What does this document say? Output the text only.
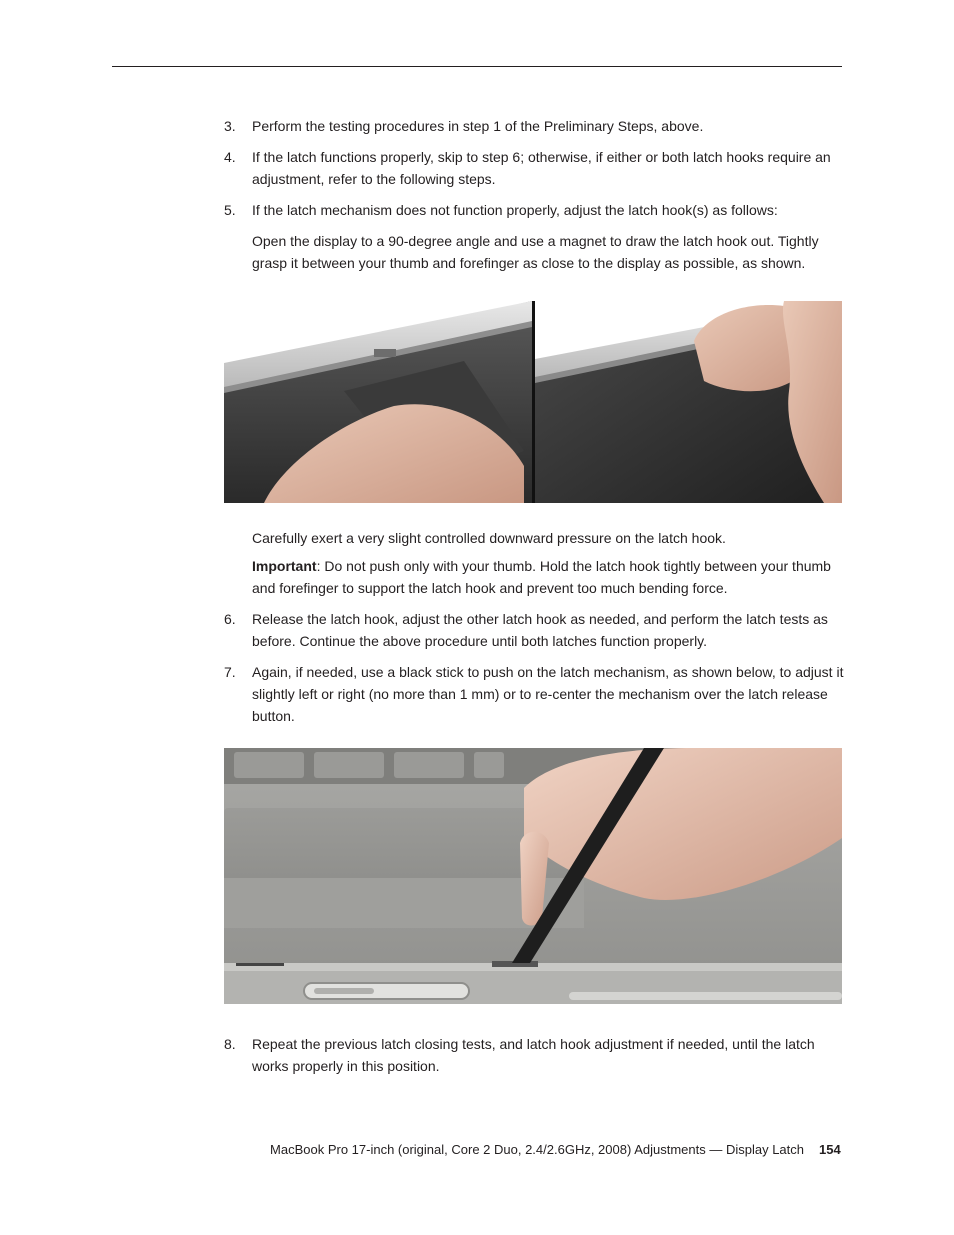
3. Perform the testing procedures in step 1 of the Preliminary Steps, above.
4. If the latch functions properly, skip to step 6; otherwise, if either or both latch hooks require an adjustment, refer to the following steps.
5. If the latch mechanism does not function properly, adjust the latch hook(s) as follows:
Open the display to a 90-degree angle and use a magnet to draw the latch hook out. Tightly grasp it between your thumb and forefinger as close to the display as possible, as shown.
Carefully exert a very slight controlled downward pressure on the latch hook.
Important: Do not push only with your thumb. Hold the latch hook tightly between your thumb and forefinger to support the latch hook and prevent too much bending force.
6. Release the latch hook, adjust the other latch hook as needed, and perform the latch tests as before. Continue the above procedure until both latches function properly.
7. Again, if needed, use a black stick to push on the latch mechanism, as shown below, to adjust it slightly left or right (no more than 1 mm) or to re-center the mechanism over the latch release button.
8. Repeat the previous latch closing tests, and latch hook adjustment if needed, until the latch works properly in this position.
MacBook Pro 17-inch (original, Core 2 Duo, 2.4/2.6GHz, 2008) Adjustments — Display Latch 154
